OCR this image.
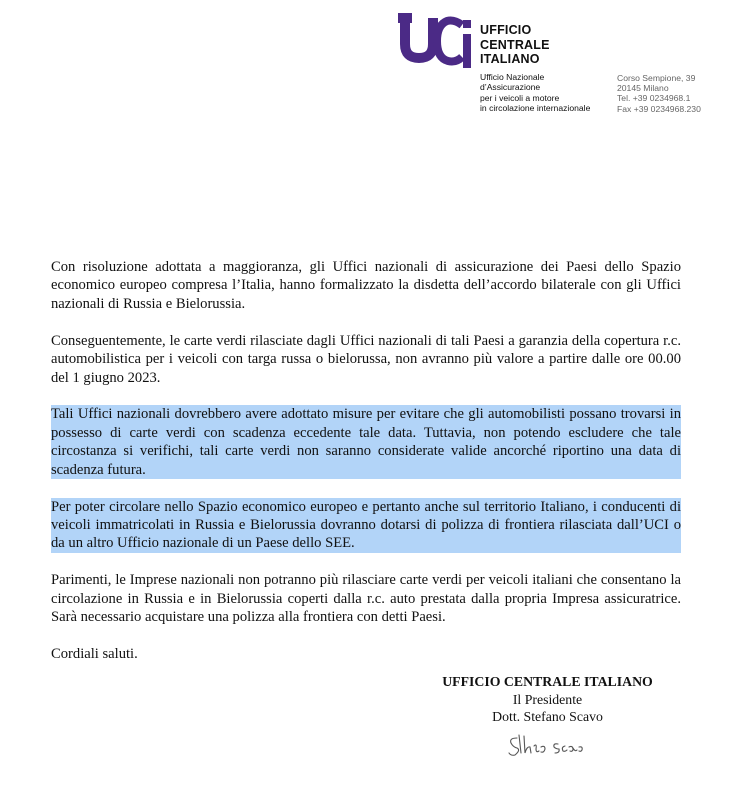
UFFICIO
CENTRALE
ITALIANO
Ufficio Nazionale
d’Assicurazione
per i veicoli a motore
in circolazione internazionale
Corso Sempione, 39
20145 Milano
Tel. +39 0234968.1
Fax +39 0234968.230

Con risoluzione adottata a maggioranza, gli Uffici nazionali di assicurazione dei Paesi dello Spazio economico europeo compresa l’Italia, hanno formalizzato la disdetta dell’accordo bilaterale con gli Uffici nazionali di Russia e Bielorussia.

Conseguentemente, le carte verdi rilasciate dagli Uffici nazionali di tali Paesi a garanzia della copertura r.c. automobilistica per i veicoli con targa russa o bielorussa, non avranno più valore a partire dalle ore 00.00 del 1 giugno 2023.

Tali Uffici nazionali dovrebbero avere adottato misure per evitare che gli automobilisti possano trovarsi in possesso di carte verdi con scadenza eccedente tale data. Tuttavia, non potendo escludere che tale circostanza si verifichi, tali carte verdi non saranno considerate valide ancorché riportino una data di scadenza futura.

Per poter circolare nello Spazio economico europeo e pertanto anche sul territorio Italiano, i conducenti di veicoli immatricolati in Russia e Bielorussia dovranno dotarsi di polizza di frontiera rilasciata dall’UCI o da un altro Ufficio nazionale di un Paese dello SEE.

Parimenti, le Imprese nazionali non potranno più rilasciare carte verdi per veicoli italiani che consentano la circolazione in Russia e in Bielorussia coperti dalla r.c. auto prestata dalla propria Impresa assicuratrice. Sarà necessario acquistare una polizza alla frontiera con detti Paesi.

Cordiali saluti.

UFFICIO CENTRALE ITALIANO
Il Presidente
Dott. Stefano Scavo
